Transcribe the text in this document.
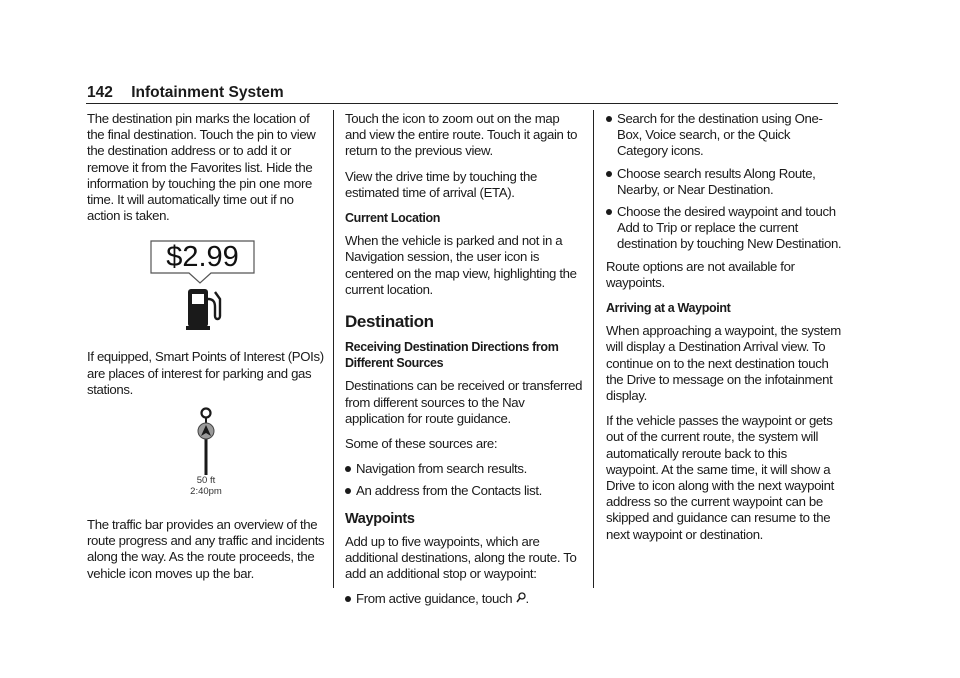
142 Infotainment System

The destination pin marks the location of the final destination. Touch the pin to view the destination address or to add it or remove it from the Favorites list. Hide the information by touching the pin one more time. It will automatically time out if no action is taken.

$2.99

If equipped, Smart Points of Interest (POIs) are places of interest for parking and gas stations.

50 ft
2:40pm

The traffic bar provides an overview of the route progress and any traffic and incidents along the way. As the route proceeds, the vehicle icon moves up the bar.

Touch the icon to zoom out on the map and view the entire route. Touch it again to return to the previous view.

View the drive time by touching the estimated time of arrival (ETA).

Current Location

When the vehicle is parked and not in a Navigation session, the user icon is centered on the map view, highlighting the current location.

Destination
Receiving Destination Directions from Different Sources

Destinations can be received or transferred from different sources to the Nav application for route guidance.

Some of these sources are:

Navigation from search results.
An address from the Contacts list.
Waypoints

Add up to five waypoints, which are additional destinations, along the route. To add an additional stop or waypoint:

From active guidance, touch .
Search for the destination using One-Box, Voice search, or the Quick Category icons.
Choose search results Along Route, Nearby, or Near Destination.
Choose the desired waypoint and touch Add to Trip or replace the current destination by touching New Destination.

Route options are not available for waypoints.

Arriving at a Waypoint

When approaching a waypoint, the system will display a Destination Arrival view. To continue on to the next destination touch the Drive to message on the infotainment display.

If the vehicle passes the waypoint or gets out of the current route, the system will automatically reroute back to this waypoint. At the same time, it will show a Drive to icon along with the next waypoint address so the current waypoint can be skipped and guidance can resume to the next waypoint or destination.
